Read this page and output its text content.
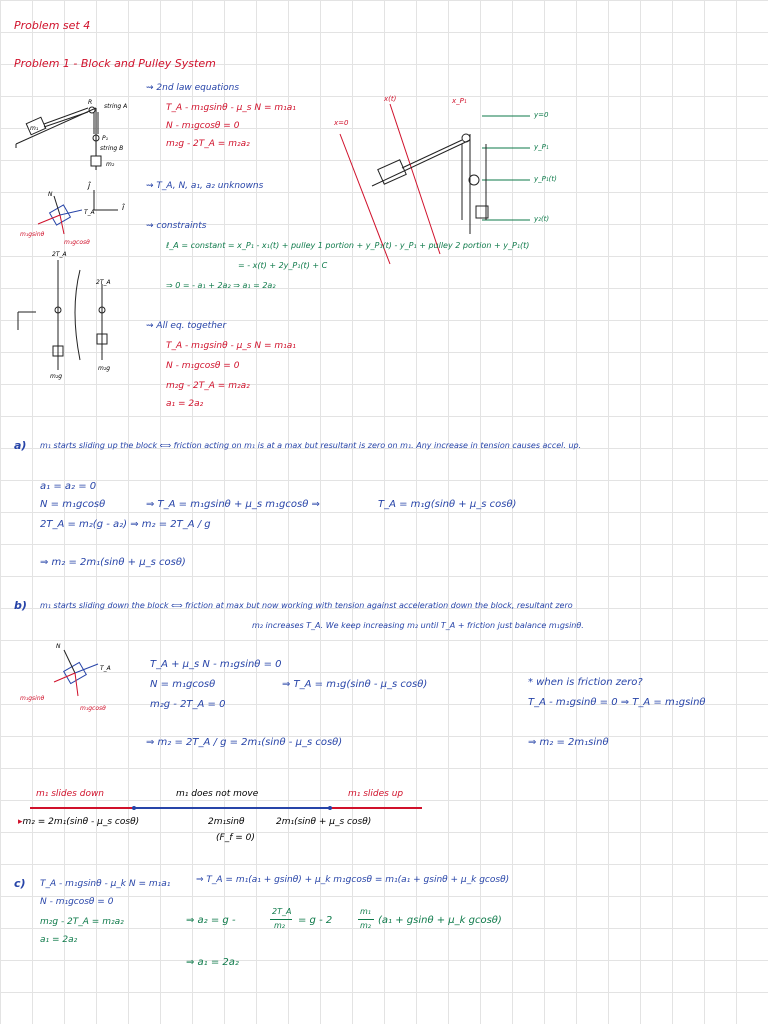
Problem set 4
Problem 1 - Block and Pulley System
m₁
string A
string B
R
P₁
m₂
ĵ
î
N
T_A
m₁gsinθ
m₁gcosθ
2T_A
2T_A
m₂g
m₂g
x=0
x(t)	x_P₁
y=0
y_P₁
y_P₁(t)
y₂(t)
⇝ 2nd law equations
T_A - m₁gsinθ - μ_s N = m₁a₁
N - m₁gcosθ = 0
m₂g - 2T_A = m₂a₂
⇝ T_A, N, a₁, a₂ unknowns
⇝ constraints
ℓ_A = constant = x_P₁ - x₁(t) + pulley 1 portion + y_P₁(t) - y_P₁ + pulley 2 portion + y_P₁(t)
= - x(t) + 2y_P₁(t) + C
⇒ 0 = - a₁ + 2a₂ ⇒ a₁ = 2a₂
⇝ All eq. together
T_A - m₁gsinθ - μ_s N = m₁a₁
N - m₁gcosθ = 0
m₂g - 2T_A = m₂a₂
a₁ = 2a₂
a) m₁ starts sliding up the block ⟺ friction acting on m₁ is at a max but resultant is zero on m₁. Any increase in tension causes accel. up.
a₁ = a₂ = 0
N = m₁gcosθ
2T_A = m₂(g - a₂) ⇒ m₂ = 2T_A / g
⇒ T_A = m₁gsinθ + μ_s m₁gcosθ ⇒	T_A = m₁g(sinθ + μ_s cosθ)
⇒ m₂ = 2m₁(sinθ + μ_s cosθ)
b) m₁ starts sliding down the block ⟺ friction at max but now working with tension against acceleration down the block, resultant zero
m₂ increases T_A. We keep increasing m₂ until T_A + friction just balance m₁gsinθ.
N
T_A
m₁gsinθ
m₁gcosθ
T_A + μ_s N - m₁gsinθ = 0
N = m₁gcosθ
m₂g - 2T_A = 0
⇒ T_A = m₁g(sinθ - μ_s cosθ)
⇒ m₂ = 2T_A / g = 2m₁(sinθ - μ_s cosθ)
* when is friction zero?
T_A - m₁gsinθ = 0 ⇒ T_A = m₁gsinθ
⇒ m₂ = 2m₁sinθ
m₁ slides down	m₁ does not move	m₁ slides up
▸m₂ = 2m₁(sinθ - μ_s cosθ)	2m₁sinθ
(F_f = 0)
2m₁(sinθ + μ_s cosθ)
c) T_A - m₁gsinθ - μ_k N = m₁a₁	⇒ T_A = m₁(a₁ + gsinθ) + μ_k m₁gcosθ = m₁(a₁ + gsinθ + μ_k gcosθ)
N - m₁gcosθ = 0
m₂g - 2T_A = m₂a₂
a₁ = 2a₂
⇒ a₂ = g -
2T_A
m₂ = g - 2
m₁
m₂ (a₁ + gsinθ + μ_k gcosθ)
⇒ a₁ = 2a₂
